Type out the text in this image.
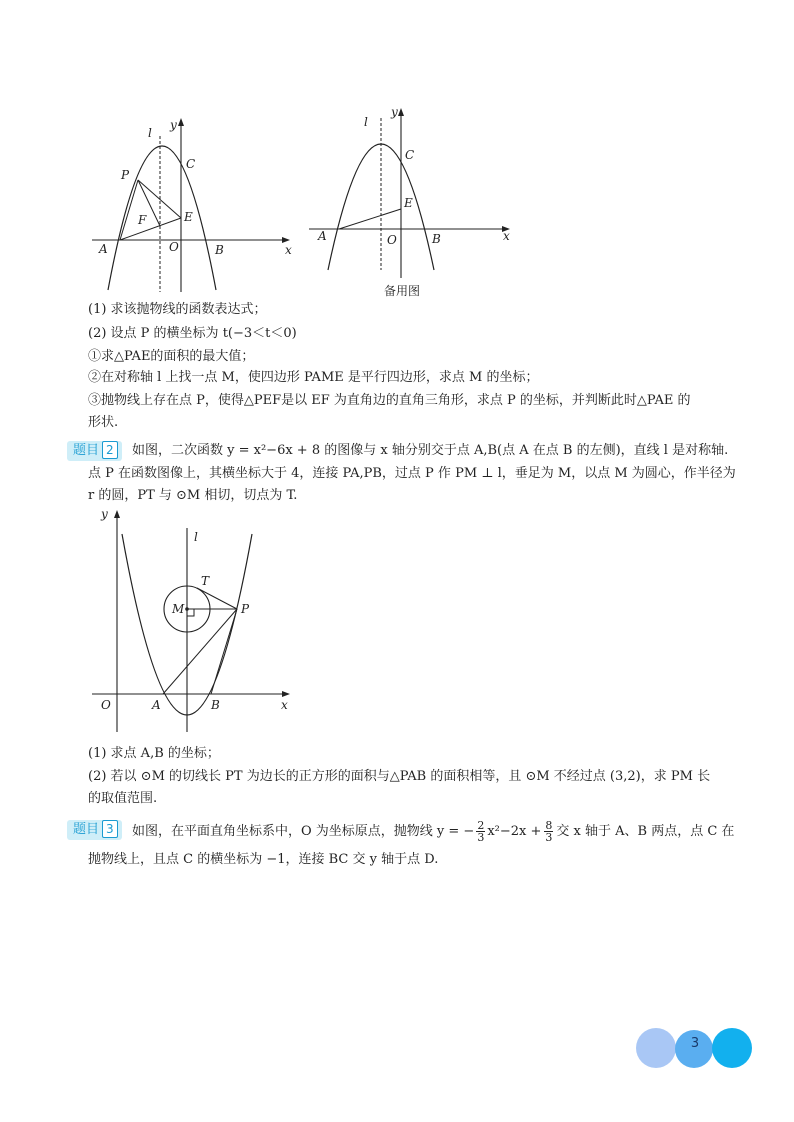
l
y
C
P
F	E
A	O	B	x
l
y
C
E
A	O	B	x
备用图
(1) 求该抛物线的函数表达式；
(2) 设点 P 的横坐标为 t(−3＜t＜0)
①求△PAE的面积的最大值；
②在对称轴 l 上找一点 M，使四边形 PAME 是平行四边形，求点 M 的坐标；
③抛物线上存在点 P，使得△PEF是以 EF 为直角边的直角三角形，求点 P 的坐标，并判断此时△PAE 的
形状.
题目 2	如图，二次函数 y = x²−6x + 8 的图像与 x 轴分别交于点 A,B(点 A 在点 B 的左侧)，直线 l 是对称轴.
点 P 在函数图像上，其横坐标大于 4，连接 PA,PB，过点 P 作 PM ⊥ l，垂足为 M，以点 M 为圆心，作半径为
r 的圆，PT 与 ⊙M 相切，切点为 T.
y
l
T
M	P
O	A	B	x
(1) 求点 A,B 的坐标；
(2) 若以 ⊙M 的切线长 PT 为边长的正方形的面积与△PAB 的面积相等，且 ⊙M 不经过点 (3,2)，求 PM 长
的取值范围.
题目 3	如图，在平面直角坐标系中，O 为坐标原点，抛物线 y = − $\frac{2}{3} x^2-2x + \frac{8}{3}$ 交 x 轴于 A、B 两点，点 C 在
抛物线上，且点 C 的横坐标为 −1，连接 BC 交 y 轴于点 D.
3
